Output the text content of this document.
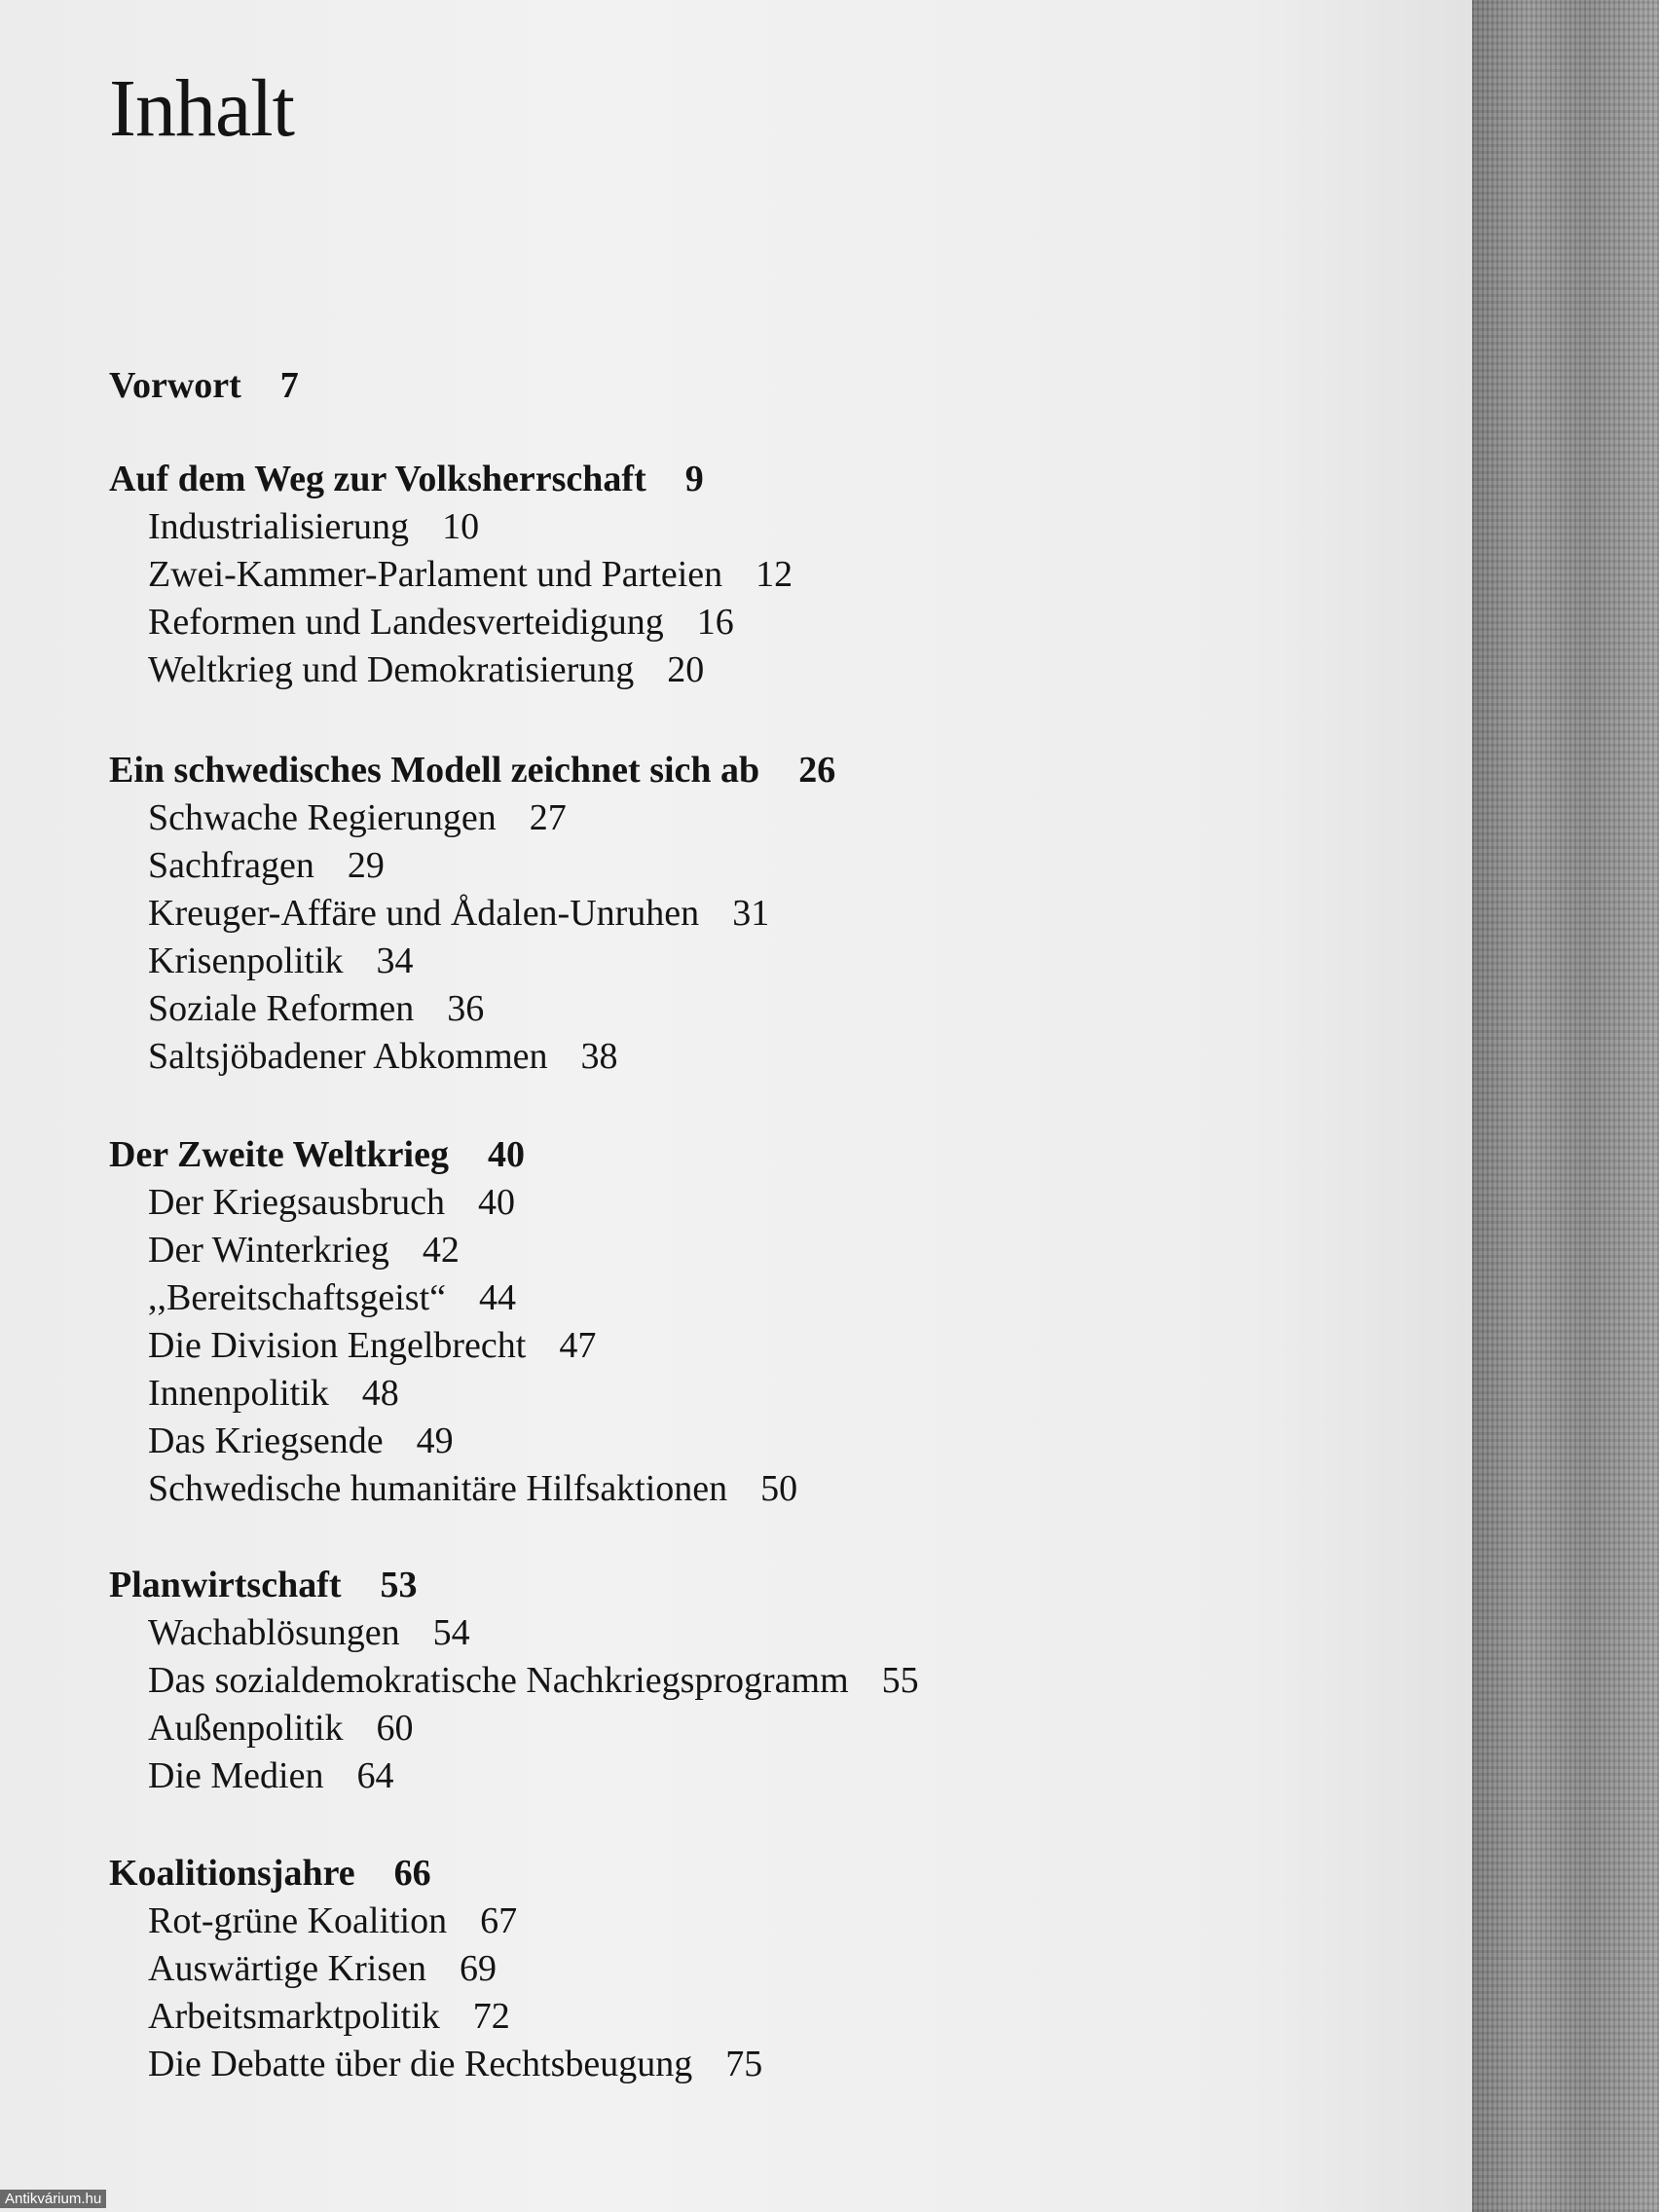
Inhalt
Vorwort 7
Auf dem Weg zur Volksherrschaft 9
Industrialisierung 10
Zwei-Kammer-Parlament und Parteien 12
Reformen und Landesverteidigung 16
Weltkrieg und Demokratisierung 20
Ein schwedisches Modell zeichnet sich ab 26
Schwache Regierungen 27
Sachfragen 29
Kreuger-Affäre und Ådalen-Unruhen 31
Krisenpolitik 34
Soziale Reformen 36
Saltsjöbadener Abkommen 38
Der Zweite Weltkrieg 40
Der Kriegsausbruch 40
Der Winterkrieg 42
,,Bereitschaftsgeist“ 44
Die Division Engelbrecht 47
Innenpolitik 48
Das Kriegsende 49
Schwedische humanitäre Hilfsaktionen 50
Planwirtschaft 53
Wachablösungen 54
Das sozialdemokratische Nachkriegsprogramm 55
Außenpolitik 60
Die Medien 64
Koalitionsjahre 66
Rot-grüne Koalition 67
Auswärtige Krisen 69
Arbeitsmarktpolitik 72
Die Debatte über die Rechtsbeugung 75
Antikvárium.hu
